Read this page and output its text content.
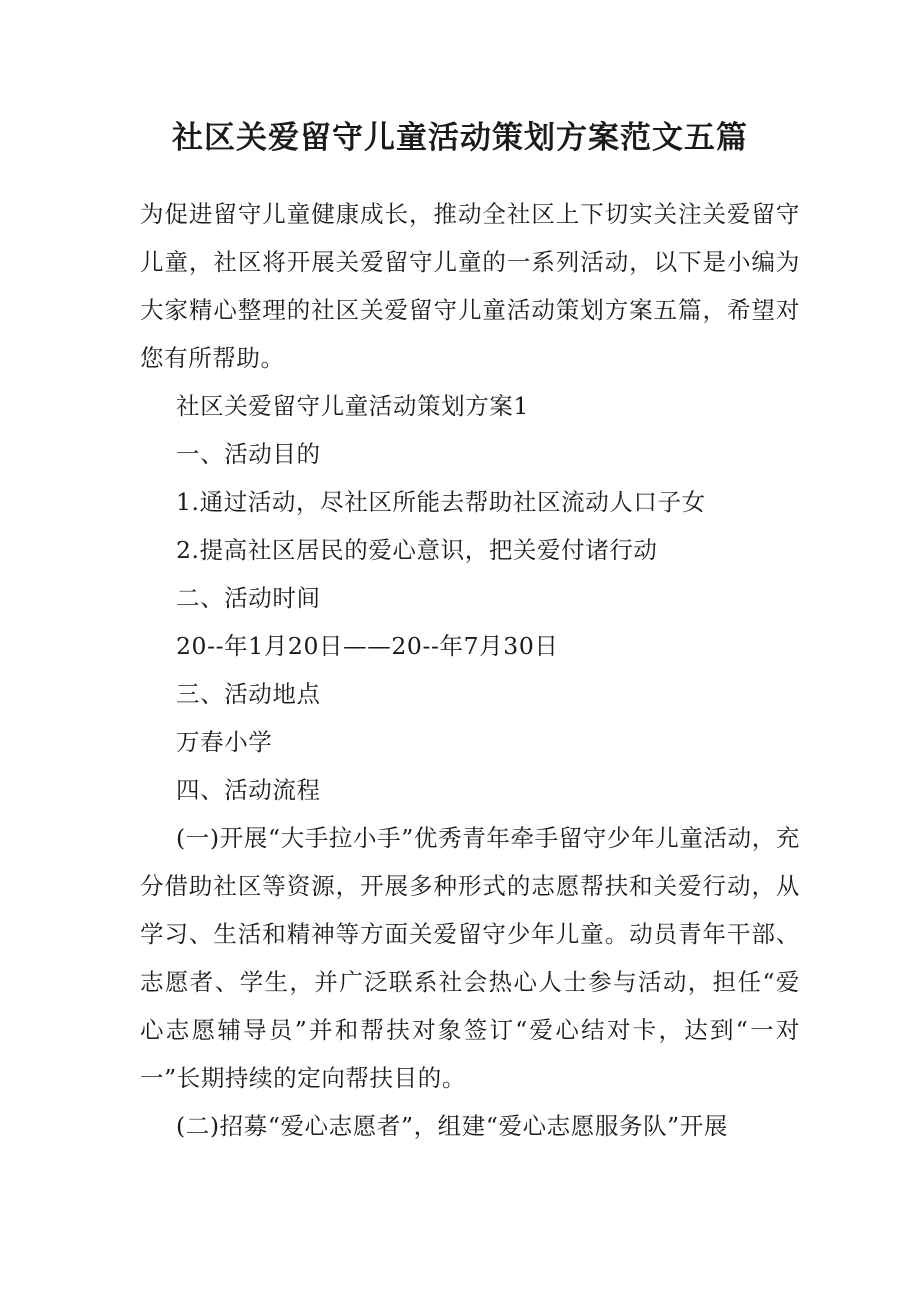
社区关爱留守儿童活动策划方案范文五篇

为促进留守儿童健康成长，推动全社区上下切实关注关爱留守儿童，社区将开展关爱留守儿童的一系列活动，以下是小编为大家精心整理的社区关爱留守儿童活动策划方案五篇，希望对您有所帮助。

社区关爱留守儿童活动策划方案1

一、活动目的

1.通过活动，尽社区所能去帮助社区流动人口子女

2.提高社区居民的爱心意识，把关爱付诸行动

二、活动时间

20--年1月20日——20--年7月30日

三、活动地点

万春小学

四、活动流程

(一)开展“大手拉小手”优秀青年牵手留守少年儿童活动，充分借助社区等资源，开展多种形式的志愿帮扶和关爱行动，从学习、生活和精神等方面关爱留守少年儿童。动员青年干部、志愿者、学生，并广泛联系社会热心人士参与活动，担任“爱心志愿辅导员”并和帮扶对象签订“爱心结对卡，达到“一对一”长期持续的定向帮扶目的。

(二)招募“爱心志愿者”，组建“爱心志愿服务队”开展
